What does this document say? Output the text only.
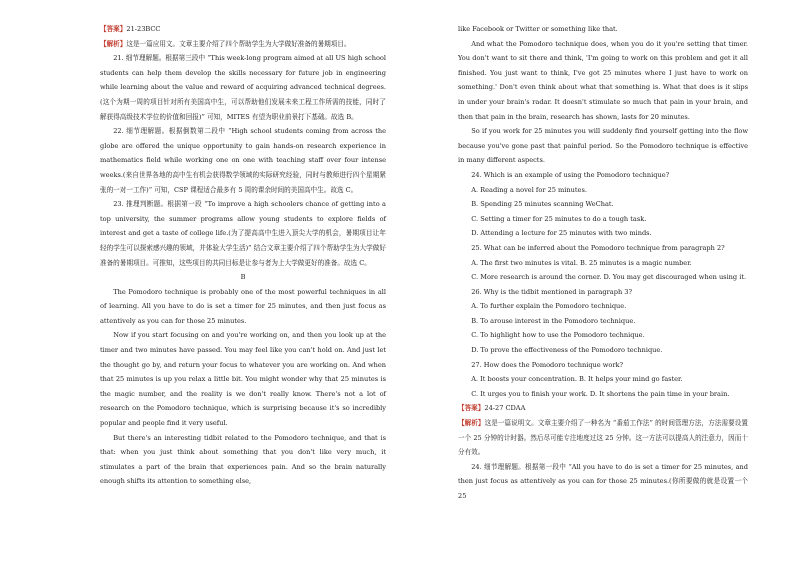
【答案】21-23BCC

【解析】这是一篇应用文。文章主要介绍了四个帮助学生为大学做好准备的暑期项目。

21. 细节理解题。根据第三段中 “This week-long program aimed at all US high school students can help them develop the skills necessary for future job in engineering while learning about the value and reward of acquiring advanced technical degrees.(这个为期一周的项目针对所有美国高中生，可以帮助他们发展未来工程工作所需的技能，同时了解获得高级技术学位的价值和回报)” 可知，MITES 有望为职业前景打下基础。故选 B。

22. 细节理解题。根据倒数第二段中 “High school students coming from across the globe are offered the unique opportunity to gain hands-on research experience in mathematics field while working one on one with teaching staff over four intense weeks.(来自世界各地的高中生有机会获得数学领域的实际研究经验，同时与教师进行四个星期紧张的一对一工作)” 可知，CSP 课程适合最多有 5 周的课余时间的美国高中生。故选 C。

23. 推理判断题。根据第一段 “To improve a high schoolers chance of getting into a top university, the summer programs allow young students to explore fields of interest and get a taste of college life.(为了提高高中生进入顶尖大学的机会，暑期项目让年轻的学生可以探索感兴趣的领域，并体验大学生活)” 结合文章主要介绍了四个帮助学生为大学做好准备的暑期项目。可推知，这些项目的共同目标是让参与者为上大学做更好的准备。故选 C。

B

The Pomodoro technique is probably one of the most powerful techniques in all of learning. All you have to do is set a timer for 25 minutes, and then just focus as attentively as you can for those 25 minutes.

Now if you start focusing on and you're working on, and then you look up at the timer and two minutes have passed. You may feel like you can't hold on. And just let the thought go by, and return your focus to whatever you are working on. And when that 25 minutes is up you relax a little bit. You might wonder why that 25 minutes is the magic number, and the reality is we don't really know. There's not a lot of research on the Pomodoro technique, which is surprising because it's so incredibly popular and people find it very useful.

But there's an interesting tidbit related to the Pomodoro technique, and that is that: when you just think about something that you don't like very much, it stimulates a part of the brain that experiences pain. And so the brain naturally enough shifts its attention to something else,

like Facebook or Twitter or something like that.

And what the Pomodoro technique does, when you do it you're setting that timer. You don't want to sit there and think, 'I'm going to work on this problem and get it all finished. You just want to think, I've got 25 minutes where I just have to work on something.' Don't even think about what that something is. What that does is it slips in under your brain's radar. It doesn't stimulate so much that pain in your brain, and then that pain in the brain, research has shown, lasts for 20 minutes.

So if you work for 25 minutes you will suddenly find yourself getting into the flow because you've gone past that painful period. So the Pomodoro technique is effective in many different aspects.

24. Which is an example of using the Pomodoro technique?

A. Reading a novel for 25 minutes.

B. Spending 25 minutes scanning WeChat.

C. Setting a timer for 25 minutes to do a tough task.

D. Attending a lecture for 25 minutes with two minds.

25. What can be inferred about the Pomodoro technique from paragraph 2?

A. The first two minutes is vital. B. 25 minutes is a magic number.

C. More research is around the corner. D. You may get discouraged when using it.

26. Why is the tidbit mentioned in paragraph 3?

A. To further explain the Pomodoro technique.

B. To arouse interest in the Pomodoro technique.

C. To highlight how to use the Pomodoro technique.

D. To prove the effectiveness of the Pomodoro technique.

27. How does the Pomodoro technique work?

A. It boosts your concentration. B. It helps your mind go faster.

C. It urges you to finish your work. D. It shortens the pain time in your brain.

【答案】24-27 CDAA

【解析】这是一篇说明文。文章主要介绍了一种名为 “番茄工作法” 的时间管理方法，方法需要设置一个 25 分钟的计时器。然后尽可能专注地度过这 25 分钟。这一方法可以提高人的注意力，因而十分有效。

24. 细节理解题。根据第一段中 “All you have to do is set a timer for 25 minutes, and then just focus as attentively as you can for those 25 minutes.(你所要做的就是设置一个 25
